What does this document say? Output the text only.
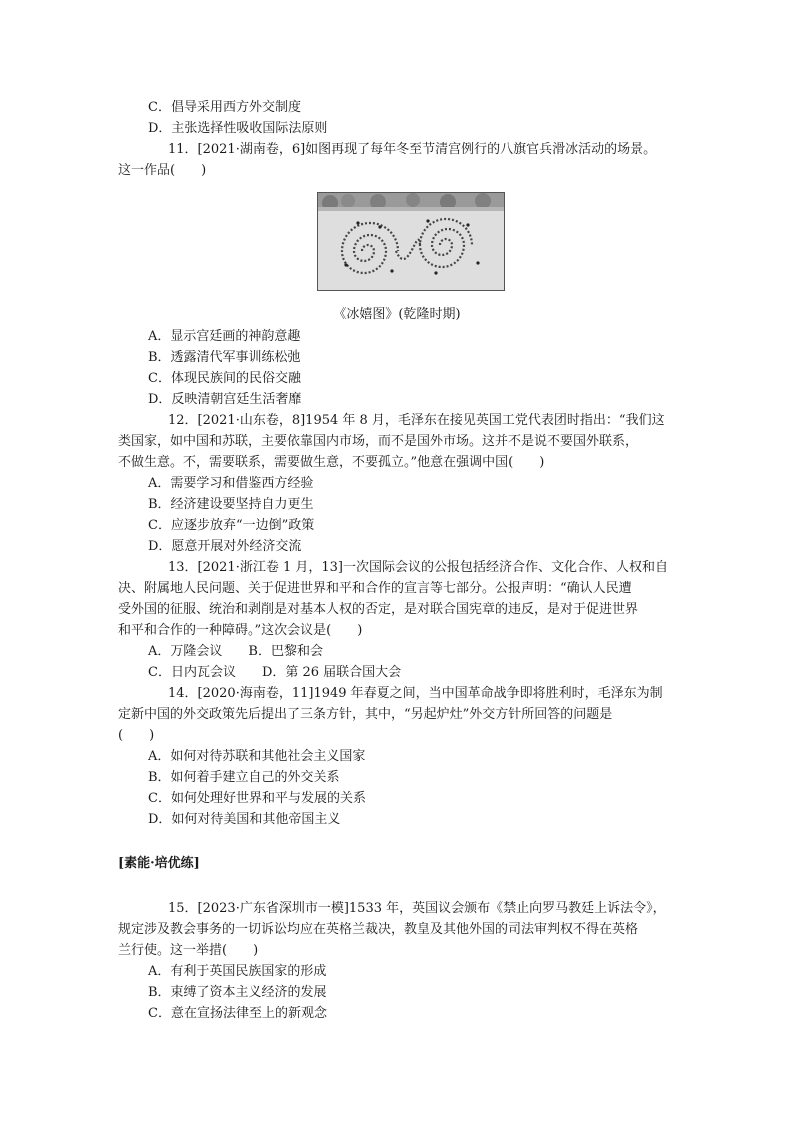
C．倡导采用西方外交制度
D．主张选择性吸收国际法原则
11．[2021·湖南卷，6]如图再现了每年冬至节清宫例行的八旗官兵滑冰活动的场景。
这一作品(　　)
《冰嬉图》(乾隆时期)
A．显示宫廷画的神韵意趣
B．透露清代军事训练松弛
C．体现民族间的民俗交融
D．反映清朝宫廷生活奢靡
12．[2021·山东卷，8]1954 年 8 月，毛泽东在接见英国工党代表团时指出：“我们这
类国家，如中国和苏联，主要依靠国内市场，而不是国外市场。这并不是说不要国外联系，
不做生意。不，需要联系，需要做生意，不要孤立。”他意在强调中国(　　)
A．需要学习和借鉴西方经验
B．经济建设要坚持自力更生
C．应逐步放弃“一边倒”政策
D．愿意开展对外经济交流
13．[2021·浙江卷 1 月，13]一次国际会议的公报包括经济合作、文化合作、人权和自
决、附属地人民问题、关于促进世界和平和合作的宣言等七部分。公报声明：“确认人民遭
受外国的征服、统治和剥削是对基本人权的否定，是对联合国宪章的违反，是对于促进世界
和平和合作的一种障碍。”这次会议是(　　)
A．万隆会议　　B．巴黎和会
C．日内瓦会议　　D．第 26 届联合国大会
14．[2020·海南卷，11]1949 年春夏之间，当中国革命战争即将胜利时，毛泽东为制
定新中国的外交政策先后提出了三条方针，其中，“另起炉灶”外交方针所回答的问题是
(　　)
A．如何对待苏联和其他社会主义国家
B．如何着手建立自己的外交关系
C．如何处理好世界和平与发展的关系
D．如何对待美国和其他帝国主义
[素能·培优练]
15．[2023·广东省深圳市一模]1533 年，英国议会颁布《禁止向罗马教廷上诉法令》，
规定涉及教会事务的一切诉讼均应在英格兰裁决，教皇及其他外国的司法审判权不得在英格
兰行使。这一举措(　　)
A．有利于英国民族国家的形成
B．束缚了资本主义经济的发展
C．意在宣扬法律至上的新观念
